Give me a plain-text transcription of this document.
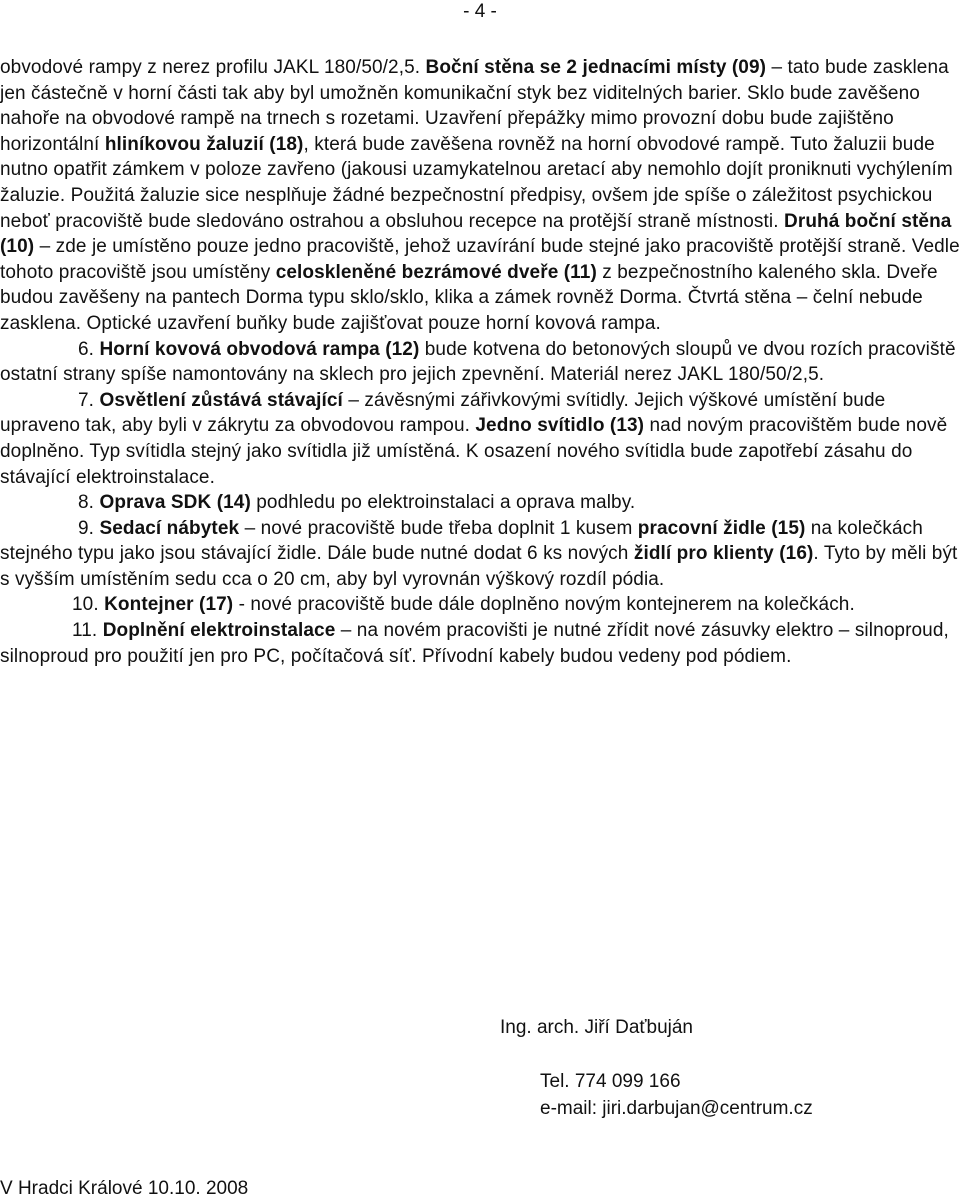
- 4 -

obvodové rampy z nerez profilu JAKL 180/50/2,5. Boční stěna se 2 jednacími místy (09) – tato bude zasklena jen částečně v horní části tak aby byl umožněn komunikační styk bez viditelných barier. Sklo bude zavěšeno nahoře na obvodové rampě na trnech s rozetami. Uzavření přepážky mimo provozní dobu bude zajištěno horizontální hliníkovou žaluzií (18), která bude zavěšena rovněž na horní obvodové rampě. Tuto žaluzii bude nutno opatřit zámkem v poloze zavřeno (jakousi uzamykatelnou aretací aby nemohlo dojít proniknuti vychýlením žaluzie. Použitá žaluzie sice nesplňuje žádné bezpečnostní předpisy, ovšem jde spíše o záležitost psychickou neboť pracoviště bude sledováno ostrahou a obsluhou recepce na protější straně místnosti. Druhá boční stěna (10) – zde je umístěno pouze jedno pracoviště, jehož uzavírání bude stejné jako pracoviště protější straně. Vedle tohoto pracoviště jsou umístěny celoskleněné bezrámové dveře (11) z bezpečnostního kaleného skla. Dveře budou zavěšeny na pantech Dorma typu sklo/sklo, klika a zámek rovněž Dorma. Čtvrtá stěna – čelní nebude zasklena. Optické uzavření buňky bude zajišťovat pouze horní kovová rampa.

6. Horní kovová obvodová rampa (12) bude kotvena do betonových sloupů ve dvou rozích pracoviště ostatní strany spíše namontovány na sklech pro jejich zpevnění. Materiál nerez JAKL 180/50/2,5.

7. Osvětlení zůstává stávající – závěsnými zářivkovými svítidly. Jejich výškové umístění bude upraveno tak, aby byli v zákrytu za obvodovou rampou. Jedno svítidlo (13) nad novým pracovištěm bude nově doplněno. Typ svítidla stejný jako svítidla již umístěná. K osazení nového svítidla bude zapotřebí zásahu do stávající elektroinstalace.

8. Oprava SDK (14) podhledu po elektroinstalaci a oprava malby.

9. Sedací nábytek – nové pracoviště bude třeba doplnit 1 kusem pracovní židle (15) na kolečkách stejného typu jako jsou stávající židle. Dále bude nutné dodat 6 ks nových židlí pro klienty (16). Tyto by měli být s vyšším umístěním sedu cca o 20 cm, aby byl vyrovnán výškový rozdíl pódia.

10. Kontejner (17) - nové pracoviště bude dále doplněno novým kontejnerem na kolečkách.

11. Doplnění elektroinstalace – na novém pracovišti je nutné zřídit nové zásuvky elektro – silnoproud, silnoproud pro použití jen pro PC, počítačová síť. Přívodní kabely budou vedeny pod pódiem.

Ing. arch. Jiří Daťbuján
Tel. 774 099 166
e-mail: jiri.darbujan@centrum.cz
V Hradci Králové 10.10. 2008
